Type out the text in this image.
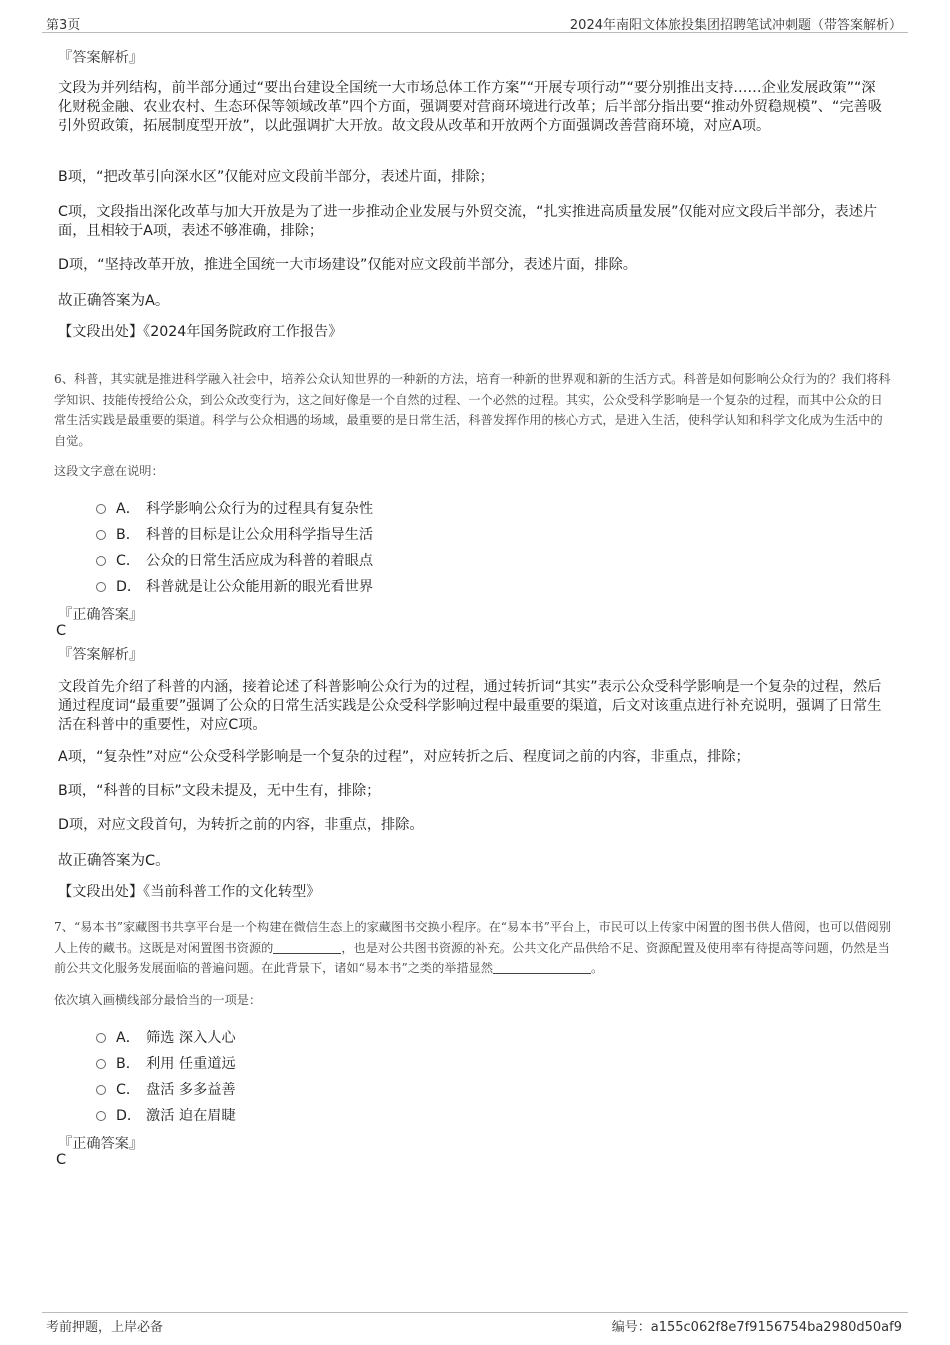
第3页	2024年南阳文体旅投集团招聘笔试冲刺题（带答案解析）
『答案解析』
文段为并列结构，前半部分通过“要出台建设全国统一大市场总体工作方案”“开展专项行动”“要分别推出支持……企业发展政策”“深化财税金融、农业农村、生态环保等领域改革”四个方面，强调要对营商环境进行改革；后半部分指出要“推动外贸稳规模”、“完善吸引外贸政策，拓展制度型开放”，以此强调扩大开放。故文段从改革和开放两个方面强调改善营商环境，对应A项。
B项，“把改革引向深水区”仅能对应文段前半部分，表述片面，排除；
C项，文段指出深化改革与加大开放是为了进一步推动企业发展与外贸交流，“扎实推进高质量发展”仅能对应文段后半部分，表述片面，且相较于A项，表述不够准确，排除；
D项，“坚持改革开放，推进全国统一大市场建设”仅能对应文段前半部分，表述片面，排除。
故正确答案为A。
【文段出处】《2024年国务院政府工作报告》
6、科普，其实就是推进科学融入社会中，培养公众认知世界的一种新的方法，培育一种新的世界观和新的生活方式。科普是如何影响公众行为的？我们将科学知识、技能传授给公众，到公众改变行为，这之间好像是一个自然的过程、一个必然的过程。其实，公众受科学影响是一个复杂的过程，而其中公众的日常生活实践是最重要的渠道。科学与公众相遇的场域，最重要的是日常生活，科普发挥作用的核心方式，是进入生活，使科学认知和科学文化成为生活中的自觉。
这段文字意在说明：
A． 科学影响公众行为的过程具有复杂性
B． 科普的目标是让公众用科学指导生活
C． 公众的日常生活应成为科普的着眼点
D． 科普就是让公众能用新的眼光看世界
『正确答案』
C
『答案解析』
文段首先介绍了科普的内涵，接着论述了科普影响公众行为的过程，通过转折词“其实”表示公众受科学影响是一个复杂的过程，然后通过程度词“最重要”强调了公众的日常生活实践是公众受科学影响过程中最重要的渠道，后文对该重点进行补充说明，强调了日常生活在科普中的重要性，对应C项。
A项，“复杂性”对应“公众受科学影响是一个复杂的过程”，对应转折之后、程度词之前的内容，非重点，排除；
B项，“科普的目标”文段未提及，无中生有，排除；
D项，对应文段首句，为转折之前的内容，非重点，排除。
故正确答案为C。
【文段出处】《当前科普工作的文化转型》
7、“易本书”家藏图书共享平台是一个构建在微信生态上的家藏图书交换小程序。在“易本书”平台上，市民可以上传家中闲置的图书供人借阅，也可以借阅别人上传的藏书。这既是对闲置图书资源的	，也是对公共图书资源的补充。公共文化产品供给不足、资源配置及使用率有待提高等问题，仍然是当前公共文化服务发展面临的普遍问题。在此背景下，诸如“易本书”之类的举措显然	。
依次填入画横线部分最恰当的一项是：
A． 筛选 深入人心
B． 利用 任重道远
C． 盘活 多多益善
D． 激活 迫在眉睫
『正确答案』
C
考前押题，上岸必备	编号：a155c062f8e7f9156754ba2980d50af9
